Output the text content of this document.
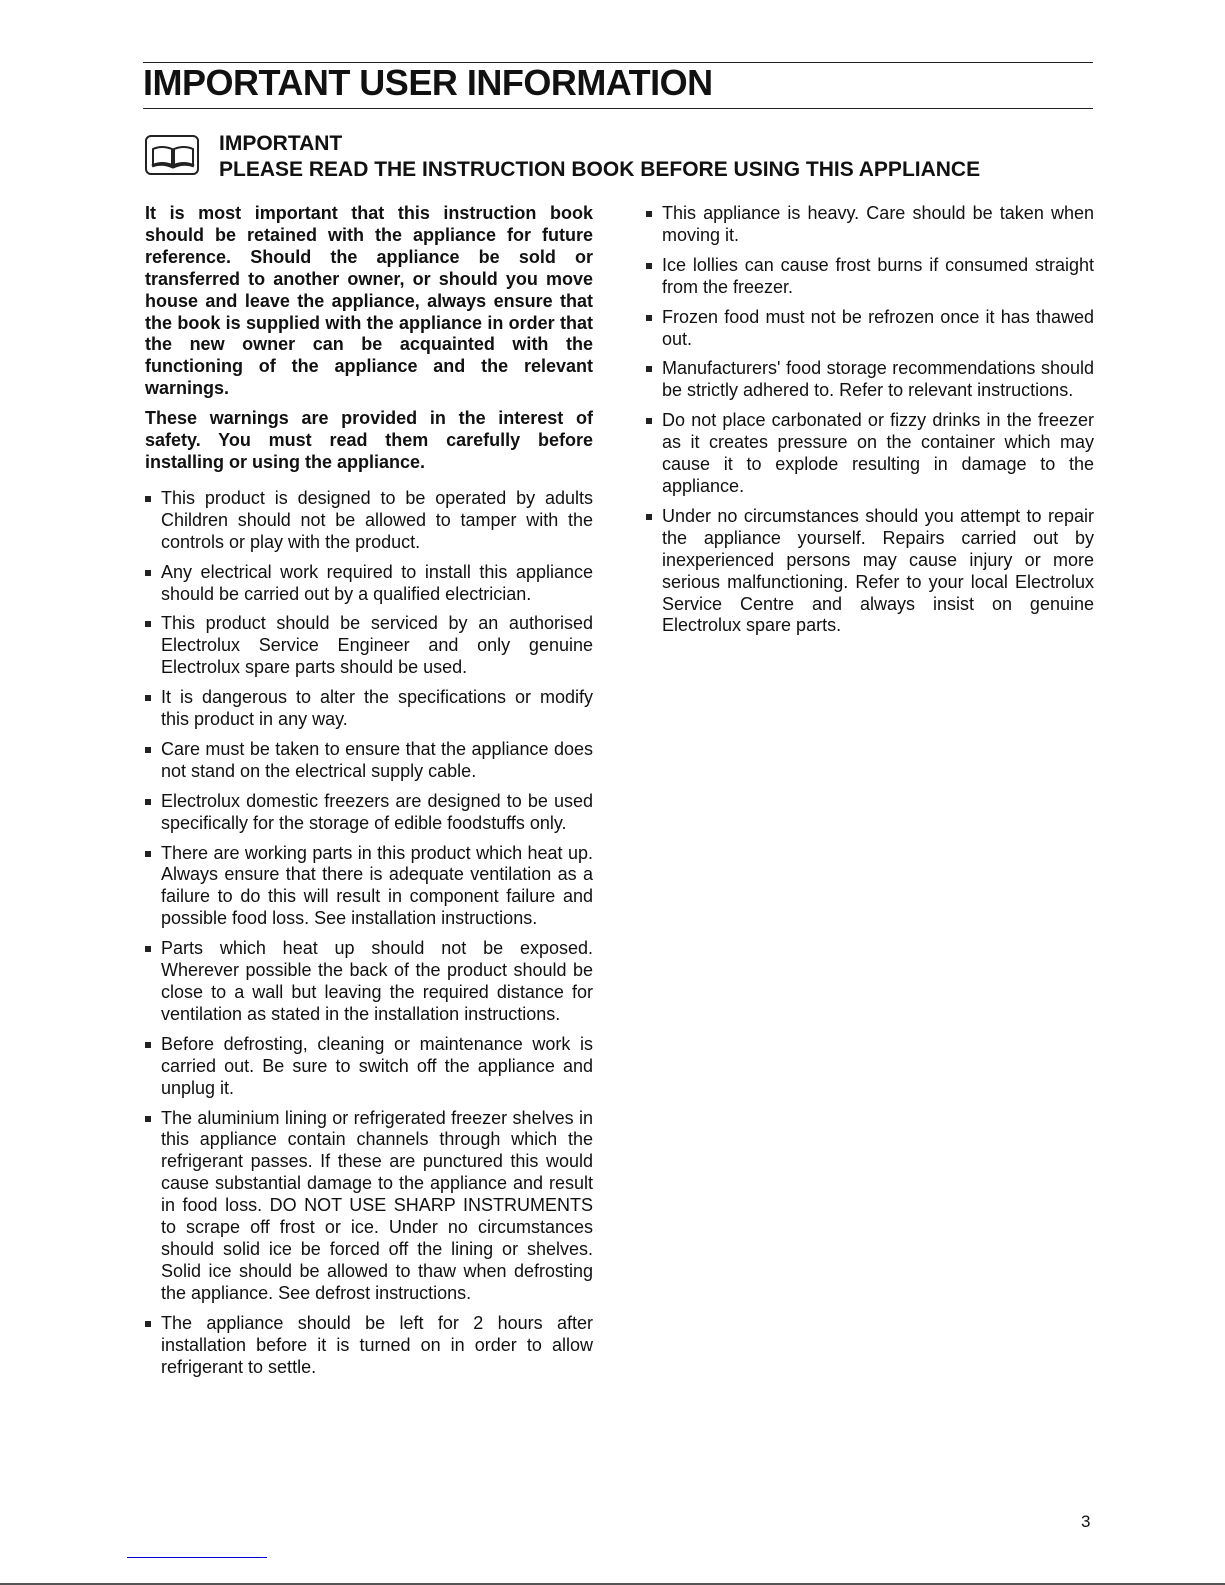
IMPORTANT USER INFORMATION
IMPORTANT
PLEASE READ THE INSTRUCTION BOOK BEFORE USING THIS APPLIANCE

It is most important that this instruction book should be retained with the appliance for future reference. Should the appliance be sold or transferred to another owner, or should you move house and leave the appliance, always ensure that the book is supplied with the appliance in order that the new owner can be acquainted with the functioning of the appliance and the relevant warnings.

These warnings are provided in the interest of safety. You must read them carefully before installing or using the appliance.

This product is designed to be operated by adults Children should not be allowed to tamper with the controls or play with the product.
Any electrical work required to install this appliance should be carried out by a qualified electrician.
This product should be serviced by an authorised Electrolux Service Engineer and only genuine Electrolux spare parts should be used.
It is dangerous to alter the specifications or modify this product in any way.
Care must be taken to ensure that the appliance does not stand on the electrical supply cable.
Electrolux domestic freezers are designed to be used specifically for the storage of edible foodstuffs only.
There are working parts in this product which heat up. Always ensure that there is adequate ventilation as a failure to do this will result in component failure and possible food loss. See installation instructions.
Parts which heat up should not be exposed. Wherever possible the back of the product should be close to a wall but leaving the required distance for ventilation as stated in the installation instructions.
Before defrosting, cleaning or maintenance work is carried out. Be sure to switch off the appliance and unplug it.
The aluminium lining or refrigerated freezer shelves in this appliance contain channels through which the refrigerant passes. If these are punctured this would cause substantial damage to the appliance and result in food loss. DO NOT USE SHARP INSTRUMENTS to scrape off frost or ice. Under no circumstances should solid ice be forced off the lining or shelves. Solid ice should be allowed to thaw when defrosting the appliance. See defrost instructions.
The appliance should be left for 2 hours after installation before it is turned on in order to allow refrigerant to settle.
This appliance is heavy. Care should be taken when moving it.
Ice lollies can cause frost burns if consumed straight from the freezer.
Frozen food must not be refrozen once it has thawed out.
Manufacturers' food storage recommendations should be strictly adhered to. Refer to relevant instructions.
Do not place carbonated or fizzy drinks in the freezer as it creates pressure on the container which may cause it to explode resulting in damage to the appliance.
Under no circumstances should you attempt to repair the appliance yourself. Repairs carried out by inexperienced persons may cause injury or more serious malfunctioning. Refer to your local Electrolux Service Centre and always insist on genuine Electrolux spare parts.
3
